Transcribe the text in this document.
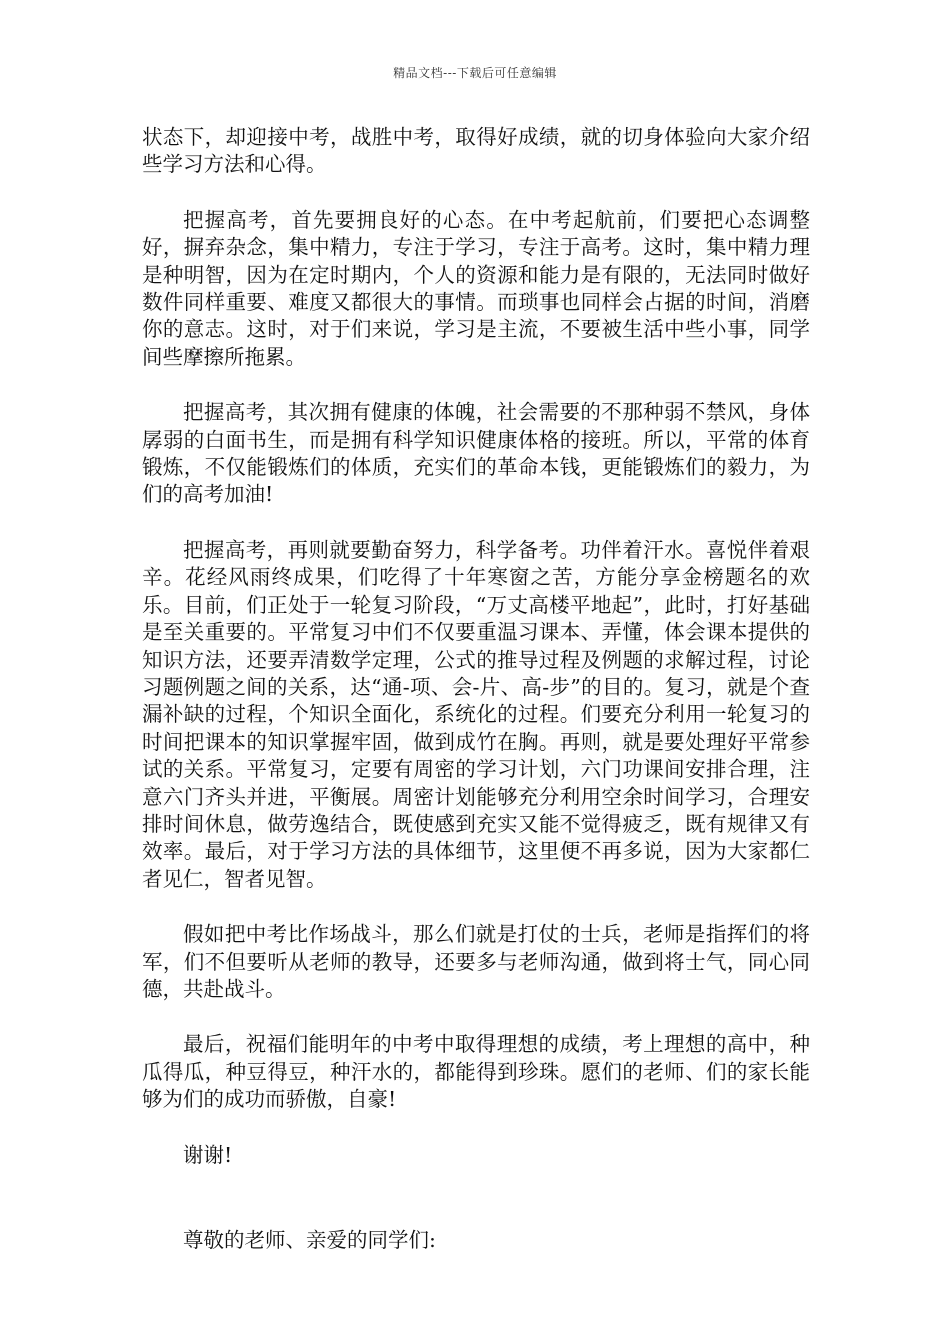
精品文档---下载后可任意编辑

状态下，却迎接中考，战胜中考，取得好成绩，就的切身体验向大家介绍些学习方法和心得。

把握高考，首先要拥良好的心态。在中考起航前，们要把心态调整好，摒弃杂念，集中精力，专注于学习，专注于高考。这时，集中精力理是种明智，因为在定时期内，个人的资源和能力是有限的，无法同时做好数件同样重要、难度又都很大的事情。而琐事也同样会占据的时间，消磨你的意志。这时，对于们来说，学习是主流，不要被生活中些小事，同学间些摩擦所拖累。

把握高考，其次拥有健康的体魄，社会需要的不那种弱不禁风，身体孱弱的白面书生，而是拥有科学知识健康体格的接班。所以，平常的体育锻炼，不仅能锻炼们的体质，充实们的革命本钱，更能锻炼们的毅力，为们的高考加油!

把握高考，再则就要勤奋努力，科学备考。功伴着汗水。喜悦伴着艰辛。花经风雨终成果，们吃得了十年寒窗之苦，方能分享金榜题名的欢乐。目前，们正处于一轮复习阶段，“万丈高楼平地起”，此时，打好基础是至关重要的。平常复习中们不仅要重温习课本、弄懂，体会课本提供的知识方法，还要弄清数学定理，公式的推导过程及例题的求解过程，讨论习题例题之间的关系，达“通-项、会-片、高-步”的目的。复习，就是个查漏补缺的过程，个知识全面化，系统化的过程。们要充分利用一轮复习的时间把课本的知识掌握牢固，做到成竹在胸。再则，就是要处理好平常参试的关系。平常复习，定要有周密的学习计划，六门功课间安排合理，注意六门齐头并进，平衡展。周密计划能够充分利用空余时间学习，合理安排时间休息，做劳逸结合，既使感到充实又能不觉得疲乏，既有规律又有效率。最后，对于学习方法的具体细节，这里便不再多说，因为大家都仁者见仁，智者见智。

假如把中考比作场战斗，那么们就是打仗的士兵，老师是指挥们的将军，们不但要听从老师的教导，还要多与老师沟通，做到将士气，同心同德，共赴战斗。

最后，祝福们能明年的中考中取得理想的成绩，考上理想的高中，种瓜得瓜，种豆得豆，种汗水的，都能得到珍珠。愿们的老师、们的家长能够为们的成功而骄傲，自豪!

谢谢!

尊敬的老师、亲爱的同学们:
